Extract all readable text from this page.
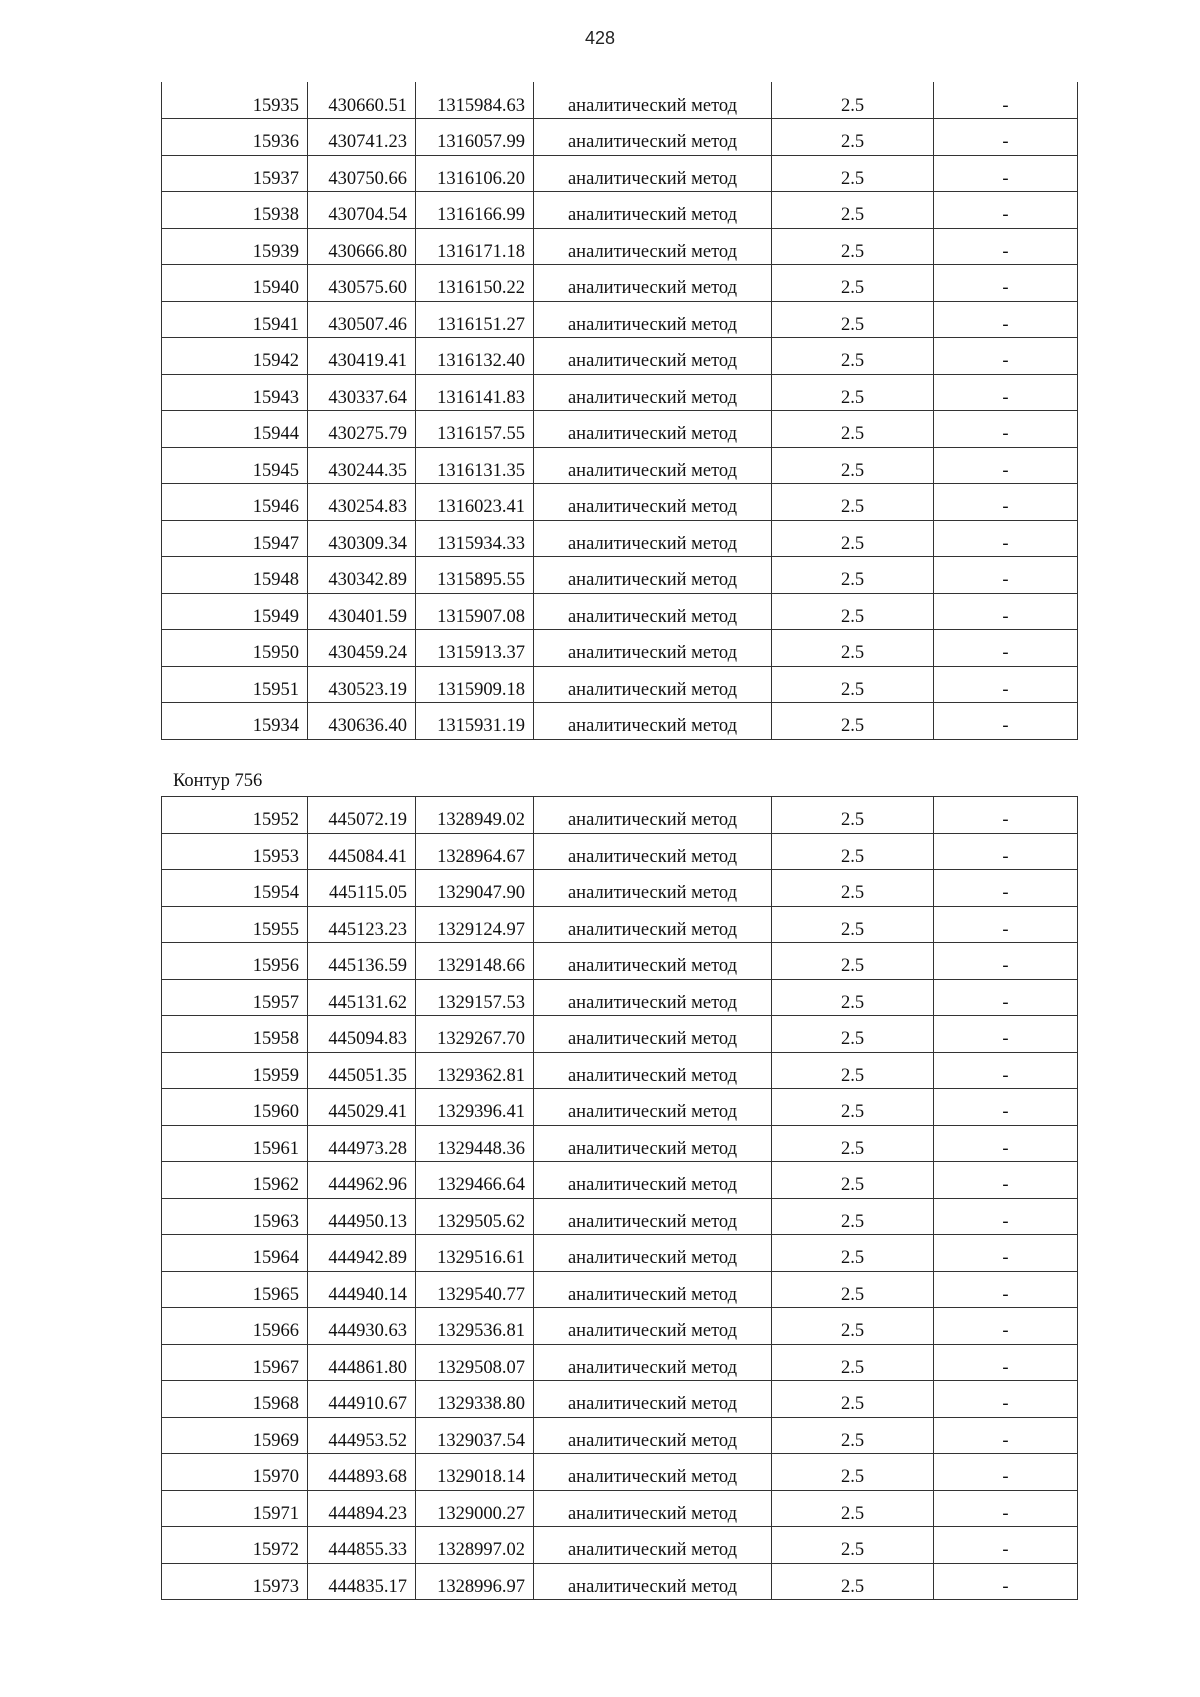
428
15935	430660.51	1315984.63	аналитический метод	2.5	-
15936	430741.23	1316057.99	аналитический метод	2.5	-
15937	430750.66	1316106.20	аналитический метод	2.5	-
15938	430704.54	1316166.99	аналитический метод	2.5	-
15939	430666.80	1316171.18	аналитический метод	2.5	-
15940	430575.60	1316150.22	аналитический метод	2.5	-
15941	430507.46	1316151.27	аналитический метод	2.5	-
15942	430419.41	1316132.40	аналитический метод	2.5	-
15943	430337.64	1316141.83	аналитический метод	2.5	-
15944	430275.79	1316157.55	аналитический метод	2.5	-
15945	430244.35	1316131.35	аналитический метод	2.5	-
15946	430254.83	1316023.41	аналитический метод	2.5	-
15947	430309.34	1315934.33	аналитический метод	2.5	-
15948	430342.89	1315895.55	аналитический метод	2.5	-
15949	430401.59	1315907.08	аналитический метод	2.5	-
15950	430459.24	1315913.37	аналитический метод	2.5	-
15951	430523.19	1315909.18	аналитический метод	2.5	-
15934	430636.40	1315931.19	аналитический метод	2.5	-
Контур 756
15952	445072.19	1328949.02	аналитический метод	2.5	-
15953	445084.41	1328964.67	аналитический метод	2.5	-
15954	445115.05	1329047.90	аналитический метод	2.5	-
15955	445123.23	1329124.97	аналитический метод	2.5	-
15956	445136.59	1329148.66	аналитический метод	2.5	-
15957	445131.62	1329157.53	аналитический метод	2.5	-
15958	445094.83	1329267.70	аналитический метод	2.5	-
15959	445051.35	1329362.81	аналитический метод	2.5	-
15960	445029.41	1329396.41	аналитический метод	2.5	-
15961	444973.28	1329448.36	аналитический метод	2.5	-
15962	444962.96	1329466.64	аналитический метод	2.5	-
15963	444950.13	1329505.62	аналитический метод	2.5	-
15964	444942.89	1329516.61	аналитический метод	2.5	-
15965	444940.14	1329540.77	аналитический метод	2.5	-
15966	444930.63	1329536.81	аналитический метод	2.5	-
15967	444861.80	1329508.07	аналитический метод	2.5	-
15968	444910.67	1329338.80	аналитический метод	2.5	-
15969	444953.52	1329037.54	аналитический метод	2.5	-
15970	444893.68	1329018.14	аналитический метод	2.5	-
15971	444894.23	1329000.27	аналитический метод	2.5	-
15972	444855.33	1328997.02	аналитический метод	2.5	-
15973	444835.17	1328996.97	аналитический метод	2.5	-
